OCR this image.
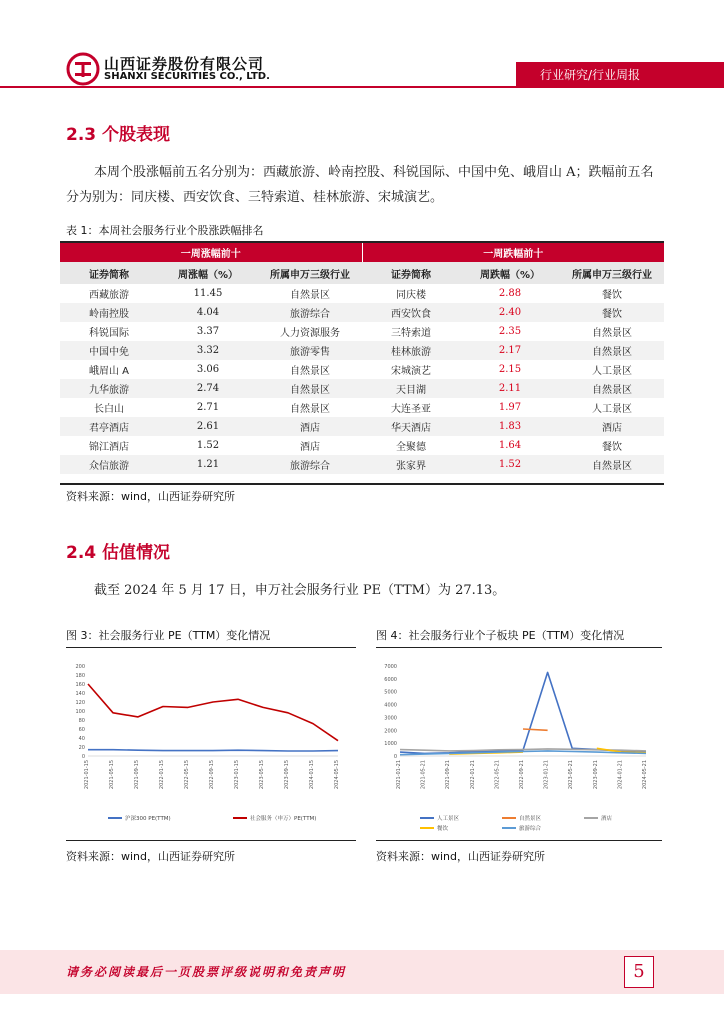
山西证券股份有限公司
SHANXI SECURITIES CO., LTD.	行业研究/行业周报
2.3 个股表现
本周个股涨幅前五名分别为：西藏旅游、岭南控股、科锐国际、中国中免、峨眉山 A；跌幅前五名分为别为：同庆楼、西安饮食、三特索道、桂林旅游、宋城演艺。
表 1：本周社会服务行业个股涨跌幅排名
一周涨幅前十			一周跌幅前十		
证券简称	周涨幅（%）	所属申万三级行业	证券简称	周跌幅（%）	所属申万三级行业
西藏旅游	11.45	自然景区	同庆楼	2.88	餐饮
岭南控股	4.04	旅游综合	西安饮食	2.40	餐饮
科锐国际	3.37	人力资源服务	三特索道	2.35	自然景区
中国中免	3.32	旅游零售	桂林旅游	2.17	自然景区
峨眉山 A	3.06	自然景区	宋城演艺	2.15	人工景区
九华旅游	2.74	自然景区	天目湖	2.11	自然景区
长白山	2.71	自然景区	大连圣亚	1.97	人工景区
君亭酒店	2.61	酒店	华天酒店	1.83	酒店
锦江酒店	1.52	酒店	全聚德	1.64	餐饮
众信旅游	1.21	旅游综合	张家界	1.52	自然景区
资料来源：wind，山西证券研究所
2.4 估值情况
截至 2024 年 5 月 17 日，申万社会服务行业 PE（TTM）为 27.13。
图 3：社会服务行业 PE（TTM）变化情况
200
180
160
140
120
100
80
60
40
20
0
2021-01-15	2021-05-15	2021-09-15	2022-01-15	2022-05-15	2022-09-15	2023-01-15	2023-05-15	2023-09-15	2024-01-15	2024-05-15
沪深300 PE(TTM)	社会服务（申万）PE(TTM)
资料来源：wind，山西证券研究所
图 4：社会服务行业个子板块 PE（TTM）变化情况
7000
6000
5000
4000
3000
2000
1000
0
2021-01-21	2021-05-21	2021-09-21	2022-01-21	2022-05-21	2022-09-21	2023-01-21	2023-05-21	2023-09-21	2024-01-21	2024-05-21
人工景区	自然景区	酒店
餐饮	旅游综合
资料来源：wind，山西证券研究所
请务必阅读最后一页股票评级说明和免责声明	5
